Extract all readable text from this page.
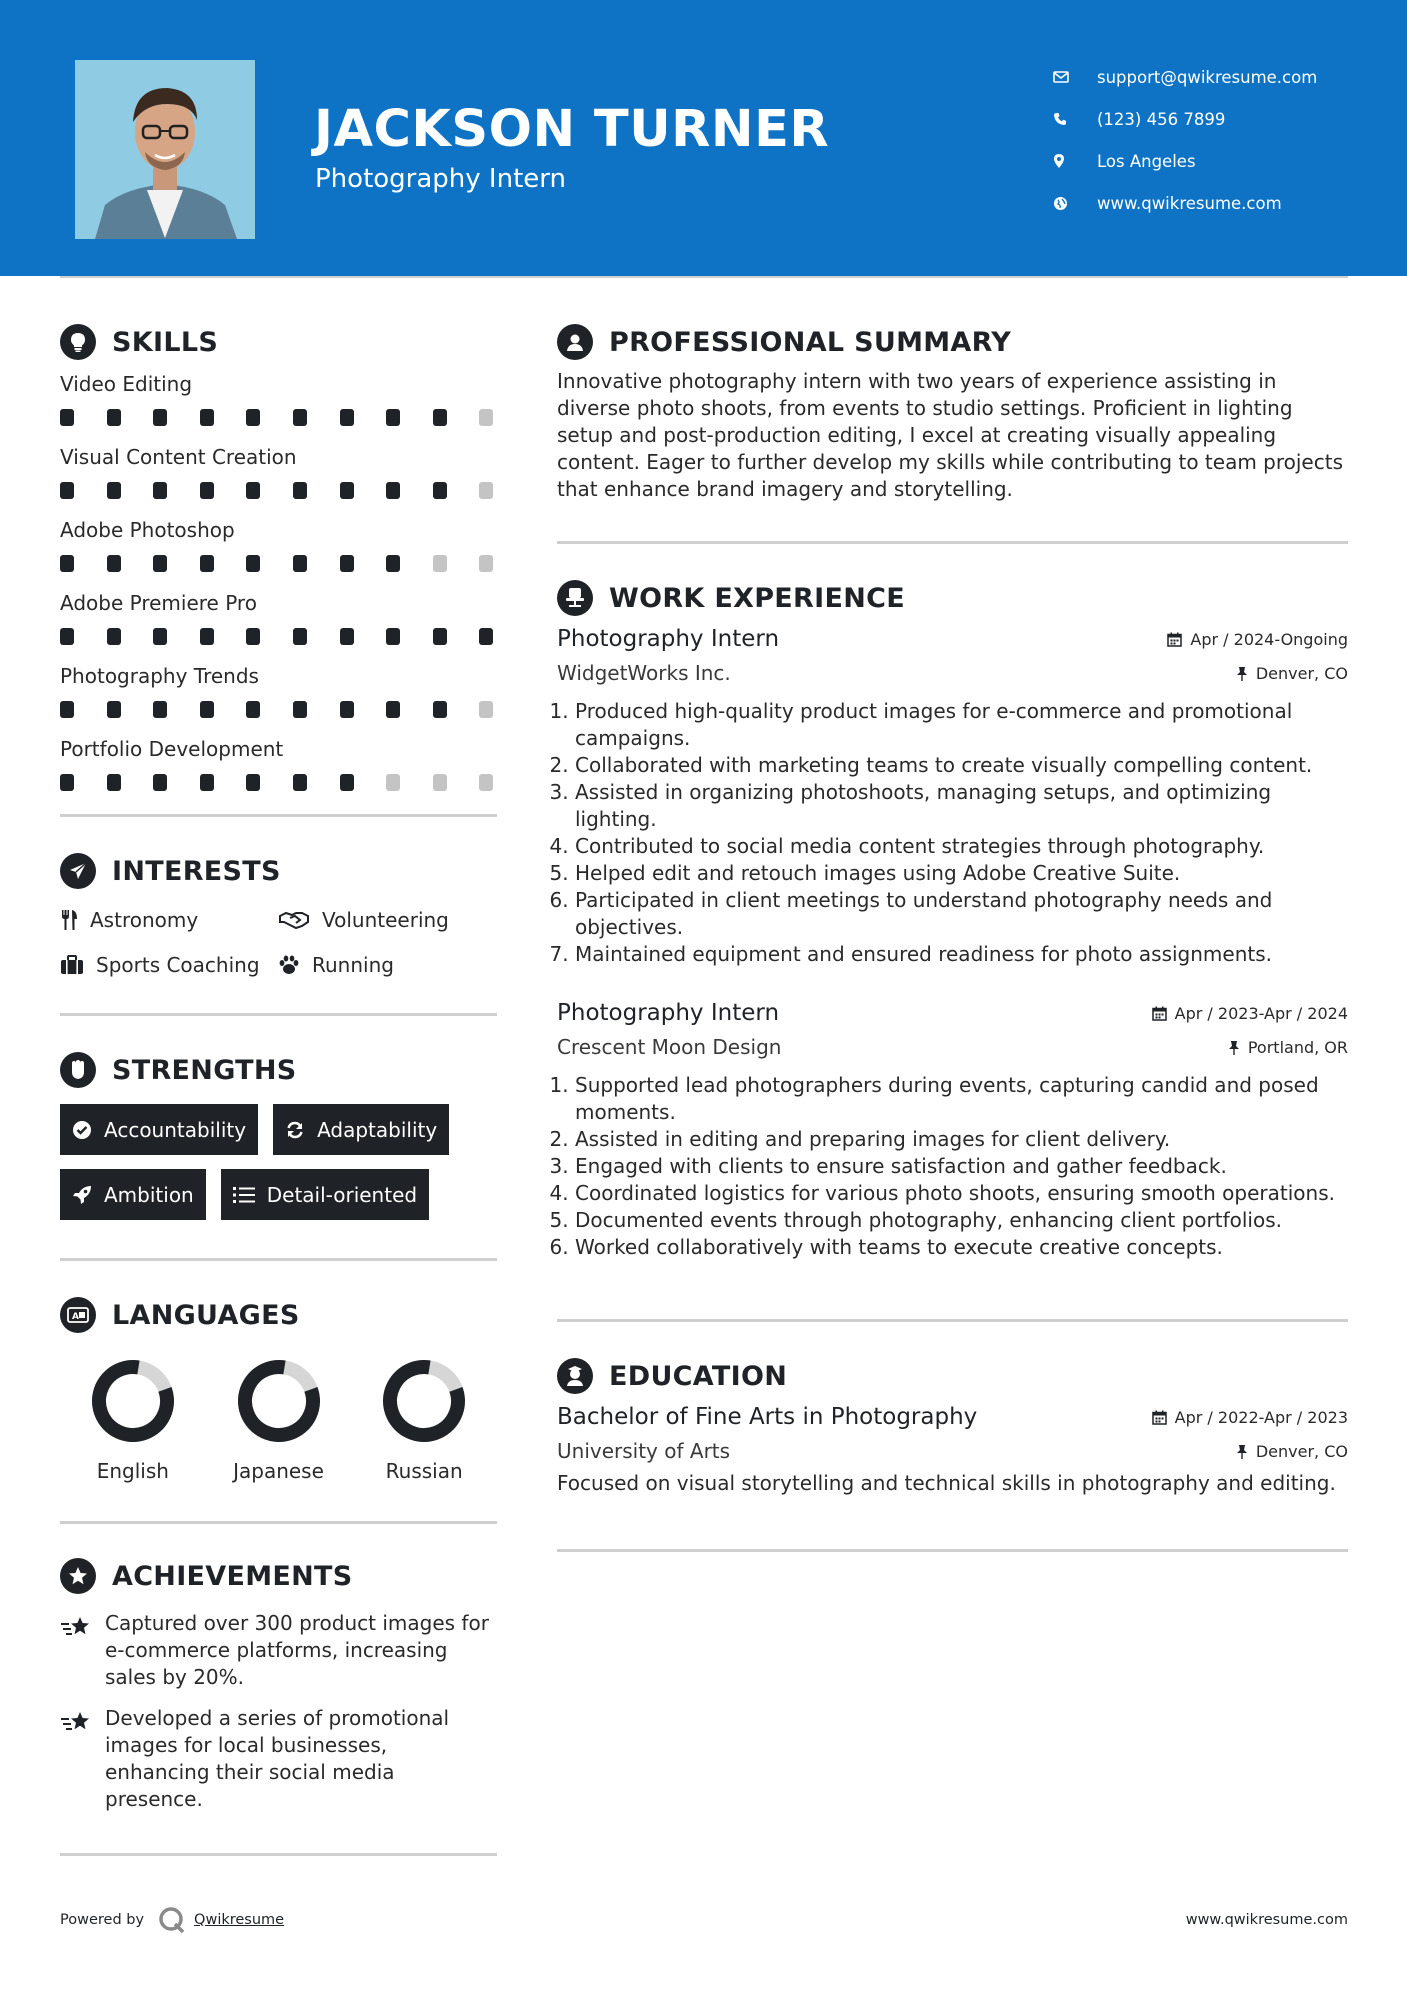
JACKSON TURNER
Photography Intern
support@qwikresume.com
(123) 456 7899
Los Angeles
www.qwikresume.com
SKILLS
Video Editing
Visual Content Creation
Adobe Photoshop
Adobe Premiere Pro
Photography Trends
Portfolio Development
INTERESTS
Astronomy	Volunteering
Sports Coaching	Running
STRENGTHS
Accountability	Adaptability
Ambition	Detail-oriented
A LANGUAGES
English	Japanese	Russian
ACHIEVEMENTS
Captured over 300 product images for e-commerce platforms, increasing sales by 20%.
Developed a series of promotional images for local businesses, enhancing their social media presence.
PROFESSIONAL SUMMARY

Innovative photography intern with two years of experience assisting in diverse photo shoots, from events to studio settings. Proficient in lighting setup and post-production editing, I excel at creating visually appealing content. Eager to further develop my skills while contributing to team projects that enhance brand imagery and storytelling.

WORK EXPERIENCE
Photography Intern	Apr / 2024-Ongoing
WidgetWorks Inc.	Denver, CO
1. Produced high-quality product images for e-commerce and promotional campaigns.
2. Collaborated with marketing teams to create visually compelling content.
3. Assisted in organizing photoshoots, managing setups, and optimizing lighting.
4. Contributed to social media content strategies through photography.
5. Helped edit and retouch images using Adobe Creative Suite.
6. Participated in client meetings to understand photography needs and objectives.
7. Maintained equipment and ensured readiness for photo assignments.
Photography Intern	Apr / 2023-Apr / 2024
Crescent Moon Design	Portland, OR
1. Supported lead photographers during events, capturing candid and posed moments.
2. Assisted in editing and preparing images for client delivery.
3. Engaged with clients to ensure satisfaction and gather feedback.
4. Coordinated logistics for various photo shoots, ensuring smooth operations.
5. Documented events through photography, enhancing client portfolios.
6. Worked collaboratively with teams to execute creative concepts.
EDUCATION
Bachelor of Fine Arts in Photography	Apr / 2022-Apr / 2023
University of Arts	Denver, CO

Focused on visual storytelling and technical skills in photography and editing.

Powered by	Qwikresume	www.qwikresume.com
